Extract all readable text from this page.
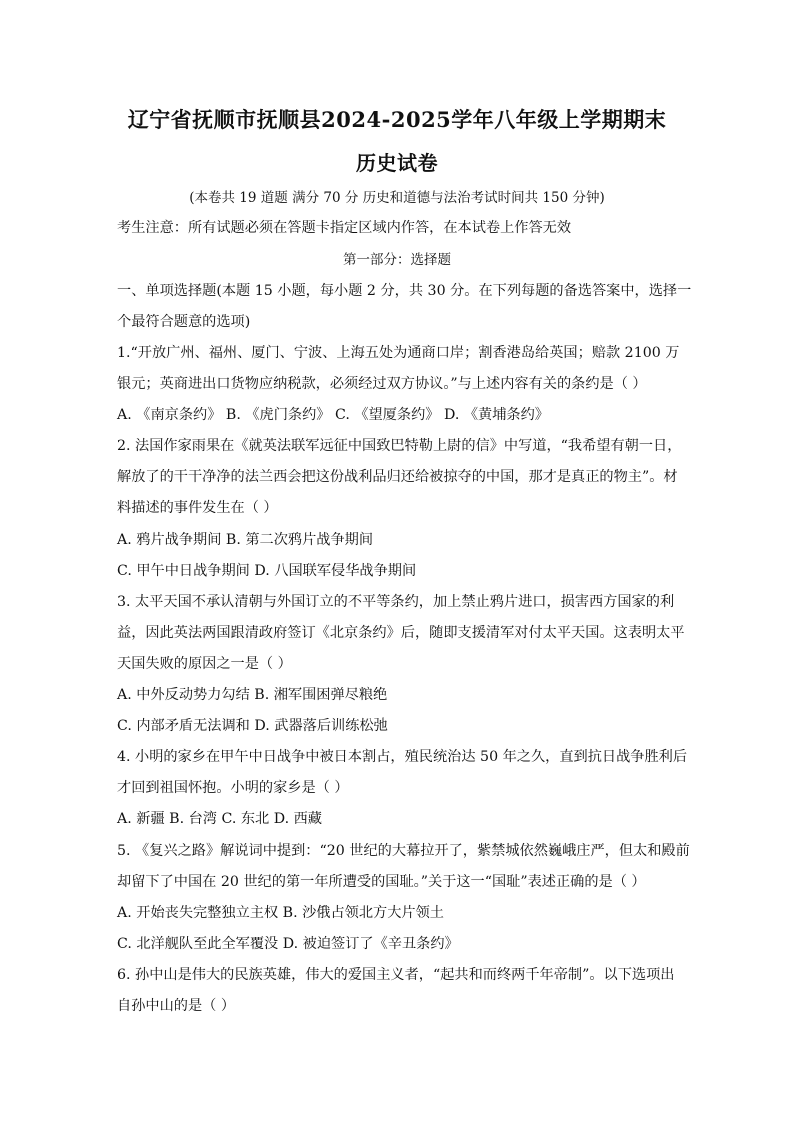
辽宁省抚顺市抚顺县2024-2025学年八年级上学期期末
历史试卷
(本卷共 19 道题 满分 70 分 历史和道德与法治考试时间共 150 分钟)
考生注意：所有试题必须在答题卡指定区域内作答，在本试卷上作答无效
第一部分：选择题
一、单项选择题(本题 15 小题，每小题 2 分，共 30 分。在下列每题的备选答案中，选择一
个最符合题意的选项)
1.“开放广州、福州、厦门、宁波、上海五处为通商口岸；割香港岛给英国；赔款 2100 万
银元；英商进出口货物应纳税款，必须经过双方协议。”与上述内容有关的条约是（ ）
A. 《南京条约》 B. 《虎门条约》 C. 《望厦条约》 D. 《黄埔条约》
2. 法国作家雨果在《就英法联军远征中国致巴特勒上尉的信》中写道，“我希望有朝一日，
解放了的干干净净的法兰西会把这份战利品归还给被掠夺的中国，那才是真正的物主”。材
料描述的事件发生在（ ）
A. 鸦片战争期间 B. 第二次鸦片战争期间
C. 甲午中日战争期间 D. 八国联军侵华战争期间
3. 太平天国不承认清朝与外国订立的不平等条约，加上禁止鸦片进口，损害西方国家的利
益，因此英法两国跟清政府签订《北京条约》后，随即支援清军对付太平天国。这表明太平
天国失败的原因之一是（ ）
A. 中外反动势力勾结 B. 湘军围困弹尽粮绝
C. 内部矛盾无法调和 D. 武器落后训练松弛
4. 小明的家乡在甲午中日战争中被日本割占，殖民统治达 50 年之久，直到抗日战争胜利后
才回到祖国怀抱。小明的家乡是（ ）
A. 新疆 B. 台湾 C. 东北 D. 西藏
5. 《复兴之路》解说词中提到：“20 世纪的大幕拉开了，紫禁城依然巍峨庄严，但太和殿前
却留下了中国在 20 世纪的第一年所遭受的国耻。”关于这一“国耻”表述正确的是（ ）
A. 开始丧失完整独立主权 B. 沙俄占领北方大片领土
C. 北洋舰队至此全军覆没 D. 被迫签订了《辛丑条约》
6. 孙中山是伟大的民族英雄，伟大的爱国主义者，“起共和而终两千年帝制”。以下选项出
自孙中山的是（ ）
